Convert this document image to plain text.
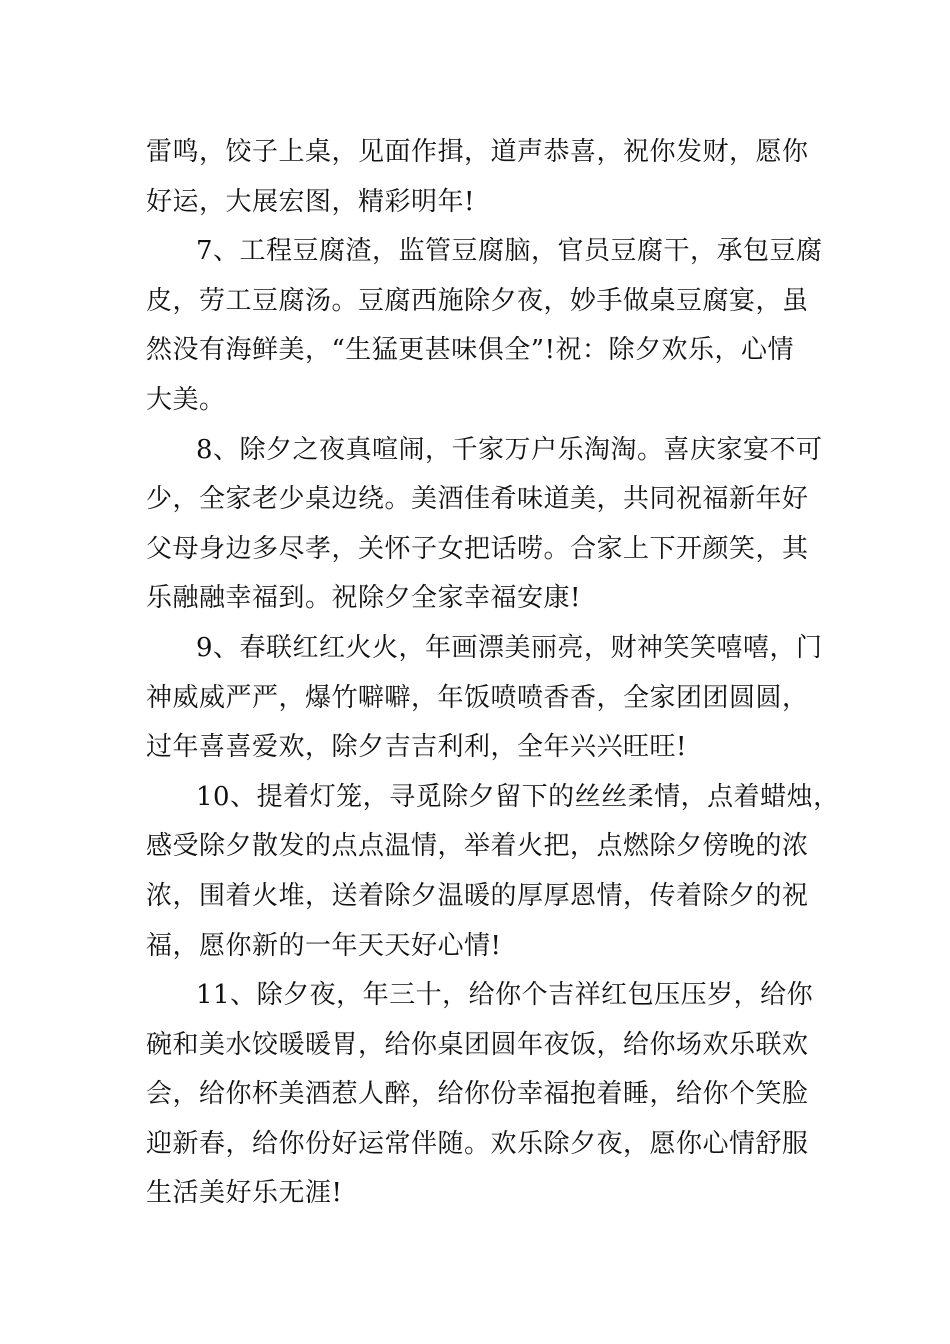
雷鸣，饺子上桌，见面作揖，道声恭喜，祝你发财，愿你
好运，大展宏图，精彩明年!
7、工程豆腐渣，监管豆腐脑，官员豆腐干，承包豆腐
皮，劳工豆腐汤。豆腐西施除夕夜，妙手做桌豆腐宴，虽
然没有海鲜美，“生猛更甚味俱全”!祝：除夕欢乐，心情
大美。
8、除夕之夜真喧闹，千家万户乐淘淘。喜庆家宴不可
少，全家老少桌边绕。美酒佳肴味道美，共同祝福新年好
父母身边多尽孝，关怀子女把话唠。合家上下开颜笑，其
乐融融幸福到。祝除夕全家幸福安康!
9、春联红红火火，年画漂美丽亮，财神笑笑嘻嘻，门
神威威严严，爆竹噼噼，年饭喷喷香香，全家团团圆圆，
过年喜喜爱欢，除夕吉吉利利，全年兴兴旺旺!
10、提着灯笼，寻觅除夕留下的丝丝柔情，点着蜡烛，
感受除夕散发的点点温情，举着火把，点燃除夕傍晚的浓
浓，围着火堆，送着除夕温暖的厚厚恩情，传着除夕的祝
福，愿你新的一年天天好心情!
11、除夕夜，年三十，给你个吉祥红包压压岁，给你
碗和美水饺暖暖胃，给你桌团圆年夜饭，给你场欢乐联欢
会，给你杯美酒惹人醉，给你份幸福抱着睡，给你个笑脸
迎新春，给你份好运常伴随。欢乐除夕夜，愿你心情舒服
生活美好乐无涯!
